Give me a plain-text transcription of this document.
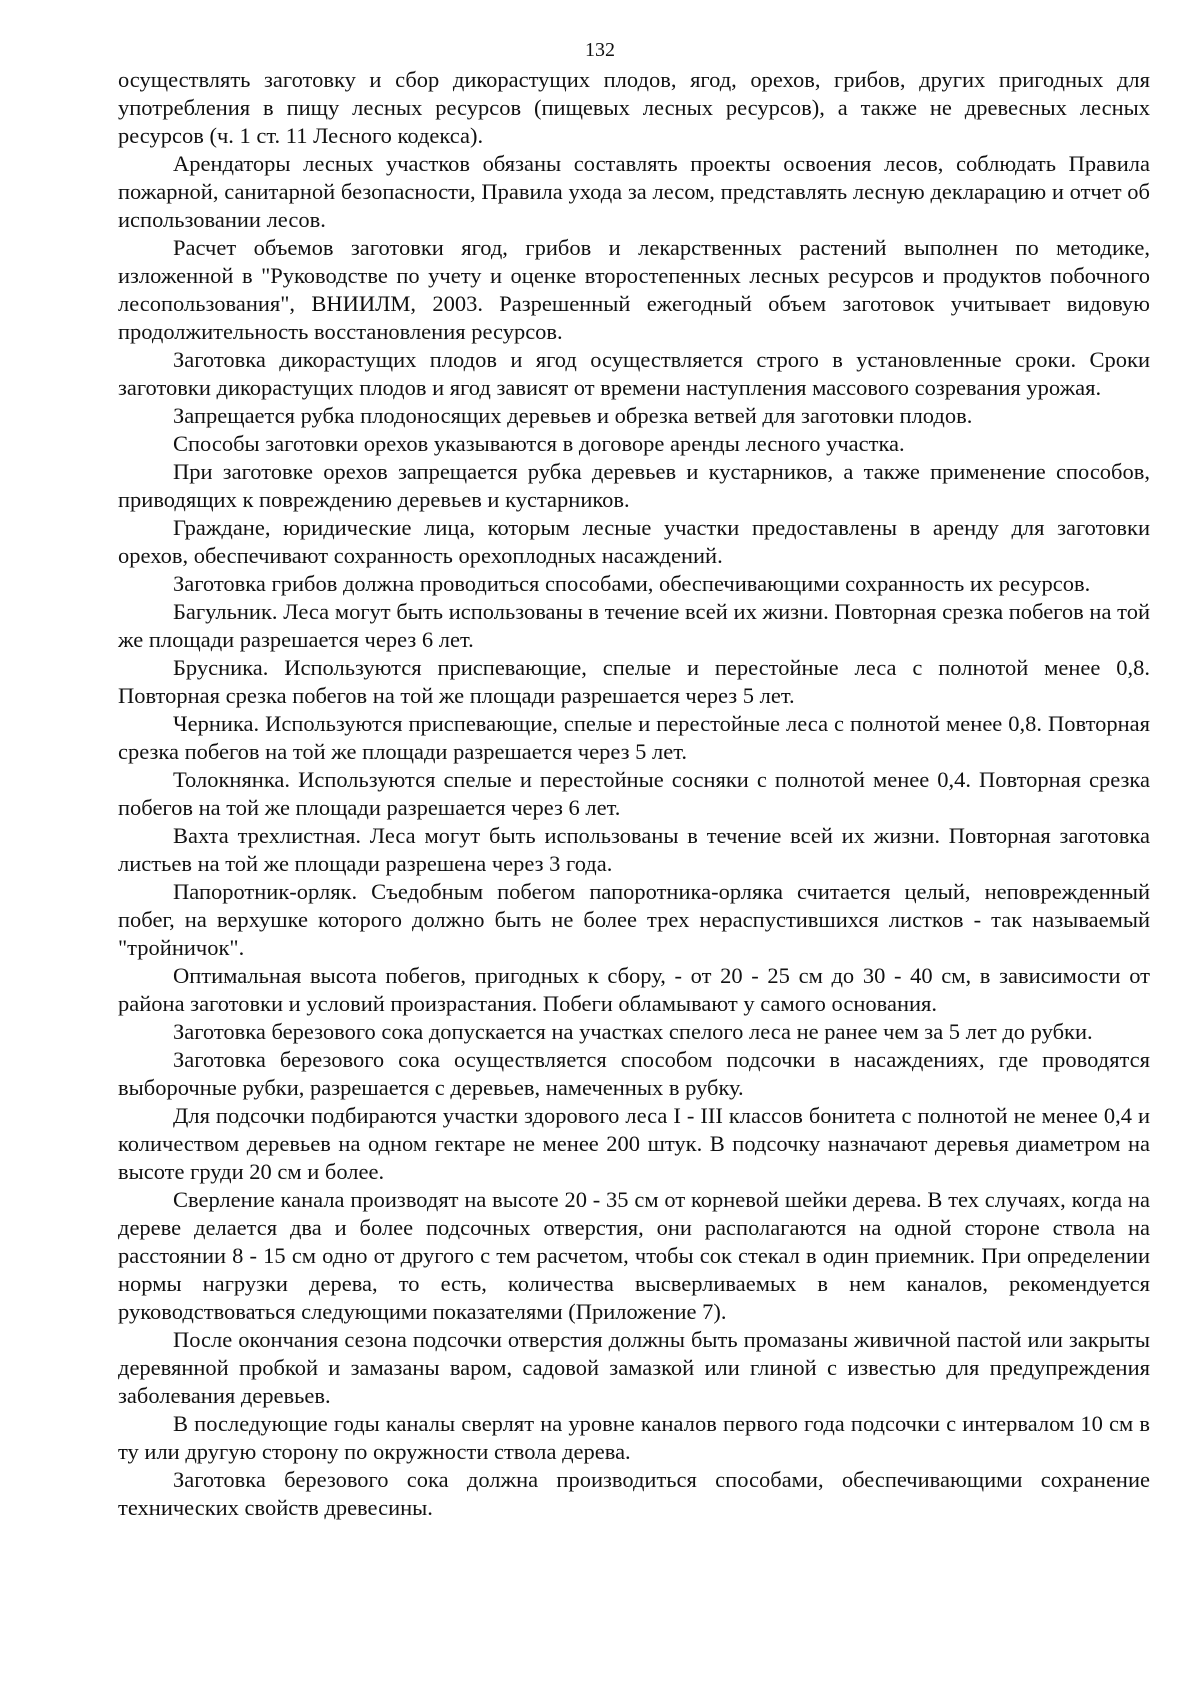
132

осуществлять заготовку и сбор дикорастущих плодов, ягод, орехов, грибов, других пригодных для употребления в пищу лесных ресурсов (пищевых лесных ресурсов), а также не древесных лесных ресурсов (ч. 1 ст. 11 Лесного кодекса).

Арендаторы лесных участков обязаны составлять проекты освоения лесов, соблюдать Правила пожарной, санитарной безопасности, Правила ухода за лесом, представлять лесную декларацию и отчет об использовании лесов.

Расчет объемов заготовки ягод, грибов и лекарственных растений выполнен по методике, изложенной в "Руководстве по учету и оценке второстепенных лесных ресурсов и продуктов побочного лесопользования", ВНИИЛМ, 2003. Разрешенный ежегодный объем заготовок учитывает видовую продолжительность восстановления ресурсов.

Заготовка дикорастущих плодов и ягод осуществляется строго в установленные сроки. Сроки заготовки дикорастущих плодов и ягод зависят от времени наступления массового созревания урожая.

Запрещается рубка плодоносящих деревьев и обрезка ветвей для заготовки плодов.

Способы заготовки орехов указываются в договоре аренды лесного участка.

При заготовке орехов запрещается рубка деревьев и кустарников, а также применение способов, приводящих к повреждению деревьев и кустарников.

Граждане, юридические лица, которым лесные участки предоставлены в аренду для заготовки орехов, обеспечивают сохранность орехоплодных насаждений.

Заготовка грибов должна проводиться способами, обеспечивающими сохранность их ресурсов.

Багульник. Леса могут быть использованы в течение всей их жизни. Повторная срезка побегов на той же площади разрешается через 6 лет.

Брусника. Используются приспевающие, спелые и перестойные леса с полнотой менее 0,8. Повторная срезка побегов на той же площади разрешается через 5 лет.

Черника. Используются приспевающие, спелые и перестойные леса с полнотой менее 0,8. Повторная срезка побегов на той же площади разрешается через 5 лет.

Толокнянка. Используются спелые и перестойные сосняки с полнотой менее 0,4. Повторная срезка побегов на той же площади разрешается через 6 лет.

Вахта трехлистная. Леса могут быть использованы в течение всей их жизни. Повторная заготовка листьев на той же площади разрешена через 3 года.

Папоротник-орляк. Съедобным побегом папоротника-орляка считается целый, неповрежденный побег, на верхушке которого должно быть не более трех нераспустившихся листков - так называемый "тройничок".

Оптимальная высота побегов, пригодных к сбору, - от 20 - 25 см до 30 - 40 см, в зависимости от района заготовки и условий произрастания. Побеги обламывают у самого основания.

Заготовка березового сока допускается на участках спелого леса не ранее чем за 5 лет до рубки.

Заготовка березового сока осуществляется способом подсочки в насаждениях, где проводятся выборочные рубки, разрешается с деревьев, намеченных в рубку.

Для подсочки подбираются участки здорового леса I - III классов бонитета с полнотой не менее 0,4 и количеством деревьев на одном гектаре не менее 200 штук. В подсочку назначают деревья диаметром на высоте груди 20 см и более.

Сверление канала производят на высоте 20 - 35 см от корневой шейки дерева. В тех случаях, когда на дереве делается два и более подсочных отверстия, они располагаются на одной стороне ствола на расстоянии 8 - 15 см одно от другого с тем расчетом, чтобы сок стекал в один приемник. При определении нормы нагрузки дерева, то есть, количества высверливаемых в нем каналов, рекомендуется руководствоваться следующими показателями (Приложение 7).

После окончания сезона подсочки отверстия должны быть промазаны живичной пастой или закрыты деревянной пробкой и замазаны варом, садовой замазкой или глиной с известью для предупреждения заболевания деревьев.

В последующие годы каналы сверлят на уровне каналов первого года подсочки с интервалом 10 см в ту или другую сторону по окружности ствола дерева.

Заготовка березового сока должна производиться способами, обеспечивающими сохранение технических свойств древесины.
